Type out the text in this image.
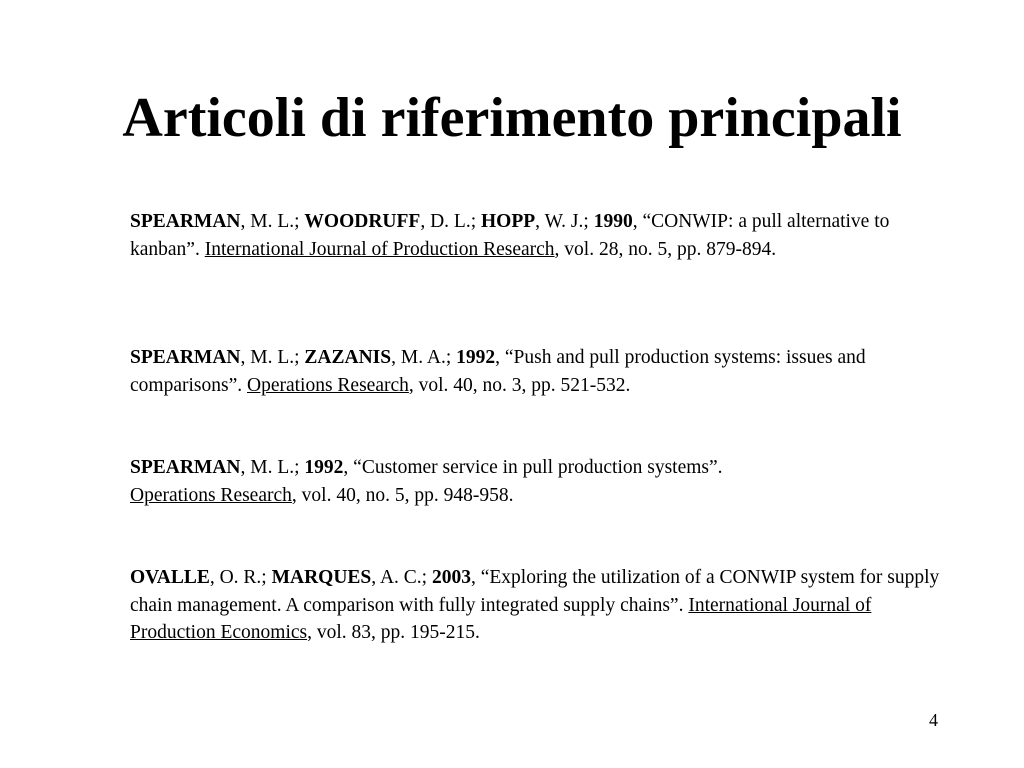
Articoli di riferimento principali

SPEARMAN, M. L.; WOODRUFF, D. L.; HOPP, W. J.; 1990, “CONWIP: a pull alternative to kanban”. International Journal of Production Research, vol. 28, no. 5, pp. 879-894.

SPEARMAN, M. L.; ZAZANIS, M. A.; 1992, “Push and pull production systems: issues and comparisons”. Operations Research, vol. 40, no. 3, pp. 521-532.

SPEARMAN, M. L.; 1992, “Customer service in pull production systems”.
Operations Research, vol. 40, no. 5, pp. 948-958.

OVALLE, O. R.; MARQUES, A. C.; 2003, “Exploring the utilization of a CONWIP system for supply chain management. A comparison with fully integrated supply chains”. International Journal of Production Economics, vol. 83, pp. 195-215.

4
